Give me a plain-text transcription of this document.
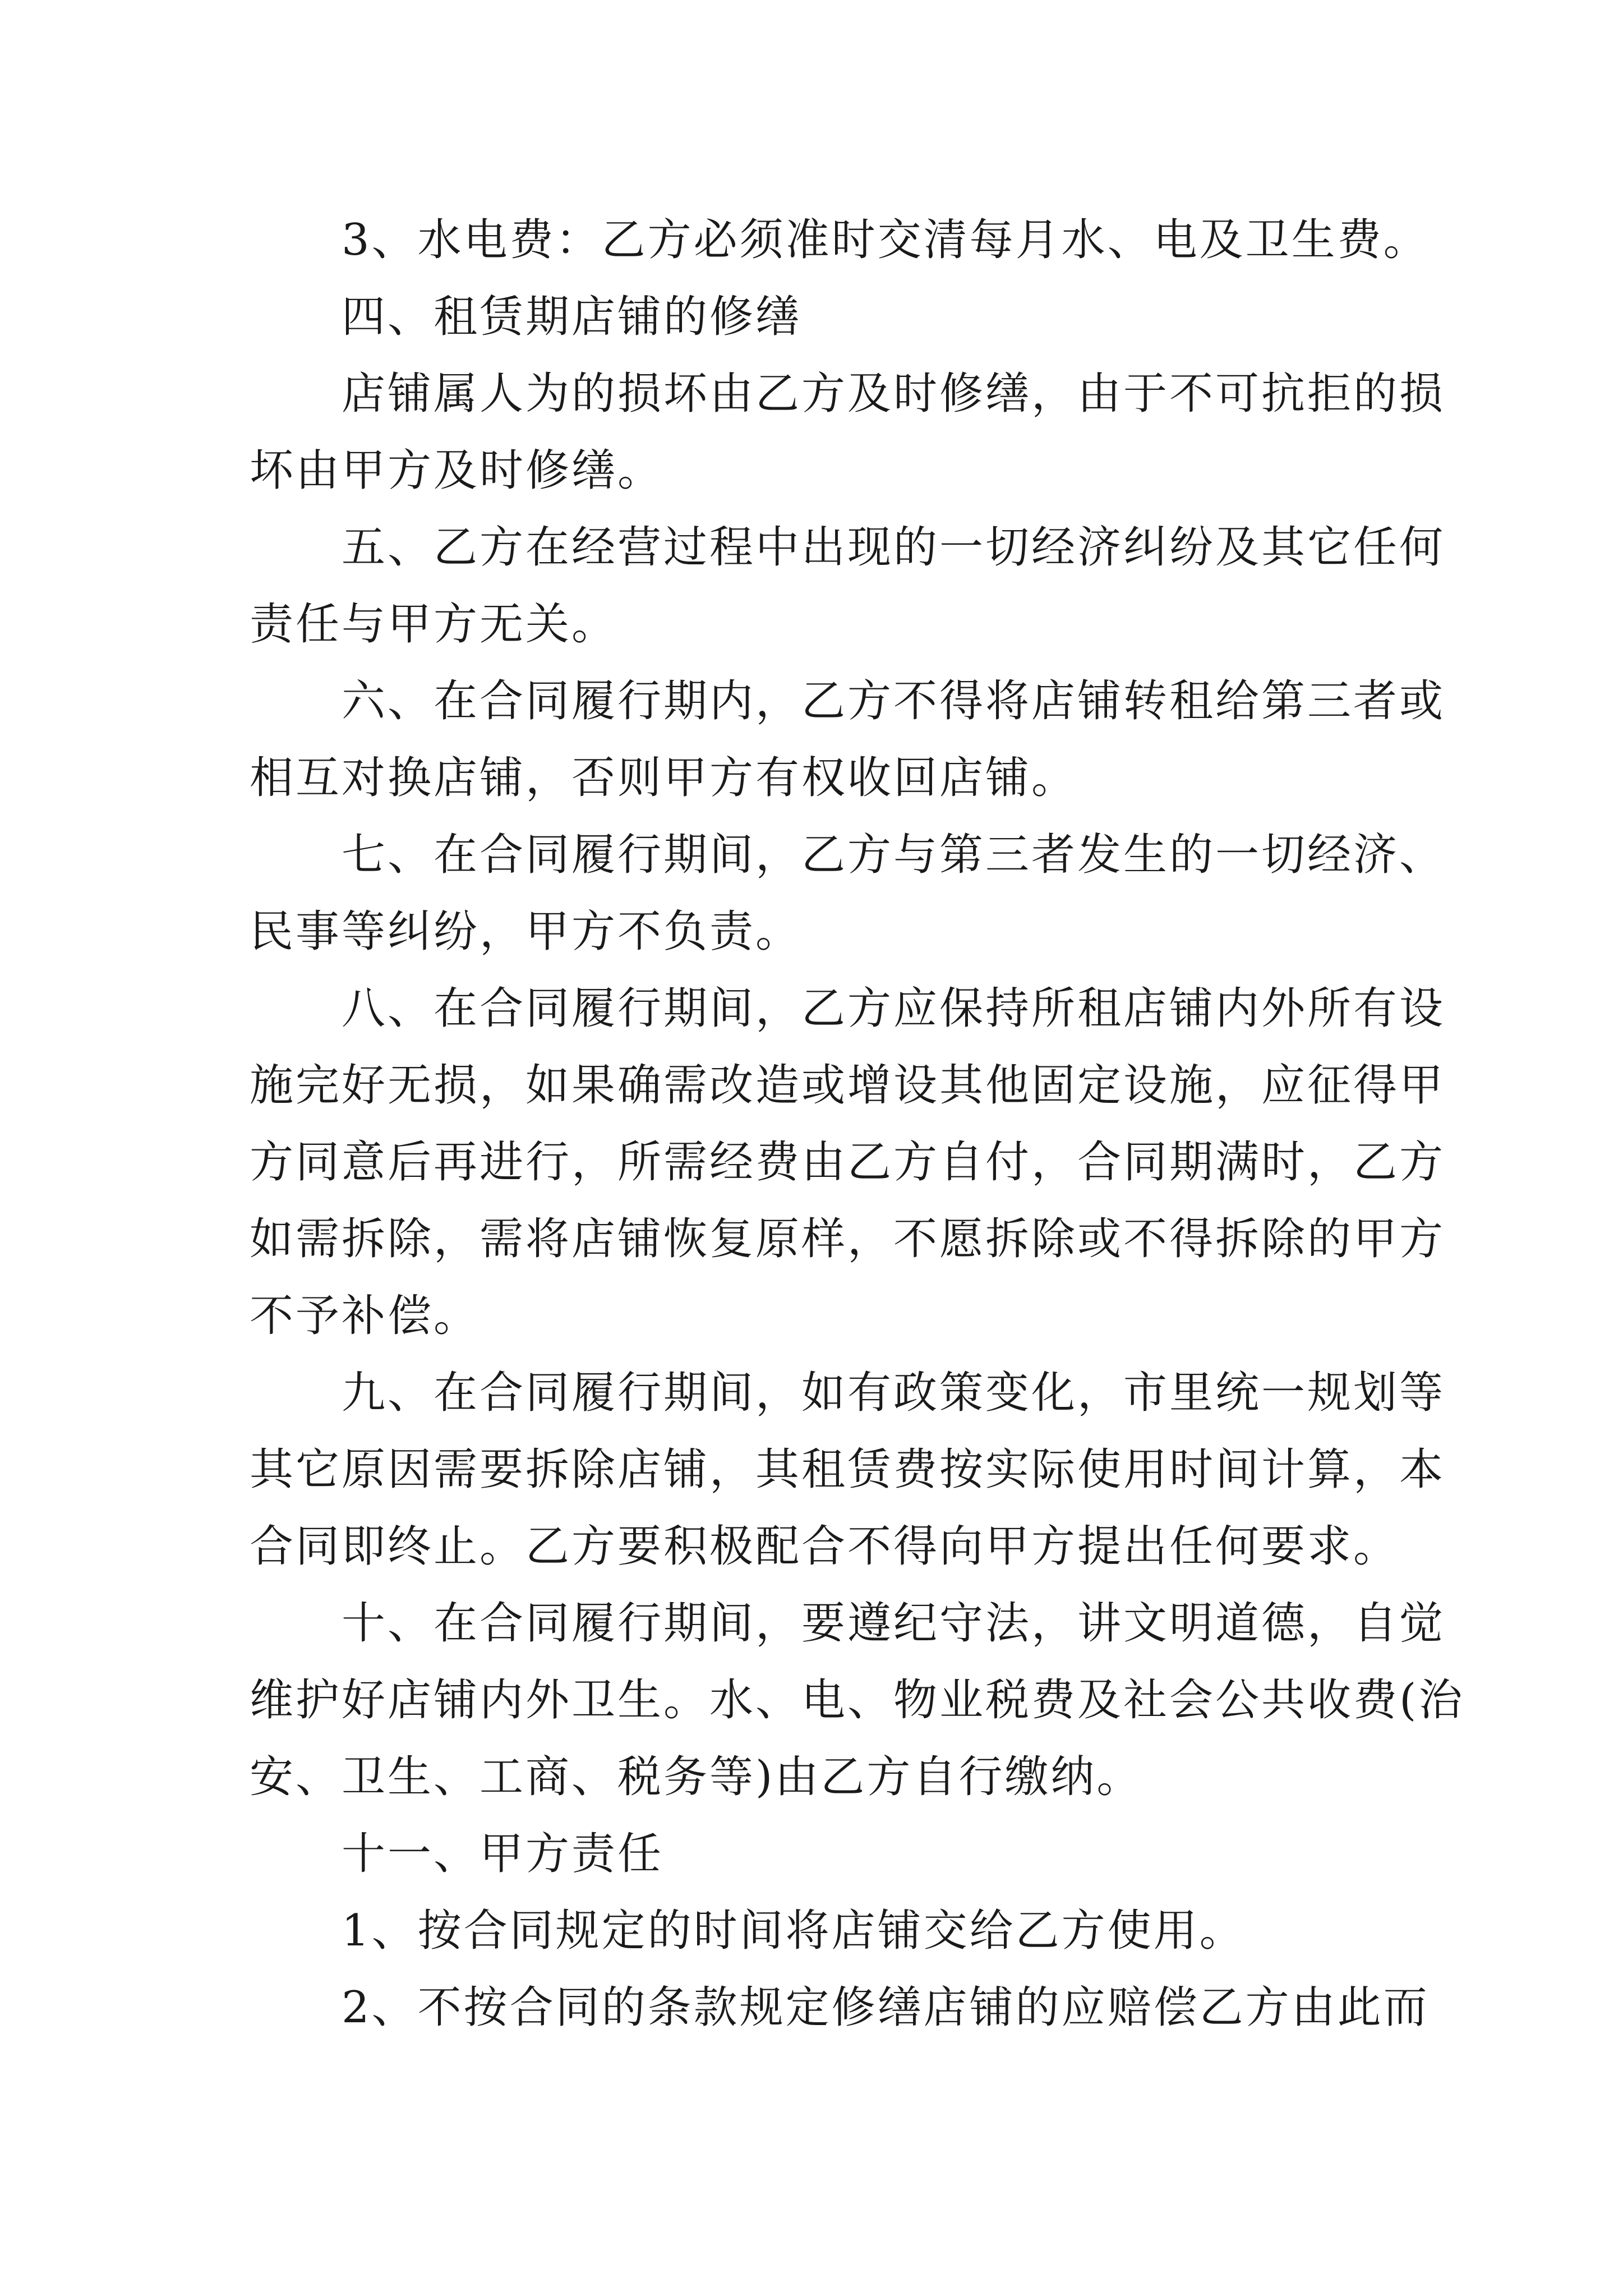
3、水电费：乙方必须准时交清每月水、电及卫生费。
四、租赁期店铺的修缮
店铺属人为的损坏由乙方及时修缮，由于不可抗拒的损
坏由甲方及时修缮。
五、乙方在经营过程中出现的一切经济纠纷及其它任何
责任与甲方无关。
六、在合同履行期内，乙方不得将店铺转租给第三者或
相互对换店铺，否则甲方有权收回店铺。
七、在合同履行期间，乙方与第三者发生的一切经济、
民事等纠纷，甲方不负责。
八、在合同履行期间，乙方应保持所租店铺内外所有设
施完好无损，如果确需改造或增设其他固定设施，应征得甲
方同意后再进行，所需经费由乙方自付，合同期满时，乙方
如需拆除，需将店铺恢复原样，不愿拆除或不得拆除的甲方
不予补偿。
九、在合同履行期间，如有政策变化，市里统一规划等
其它原因需要拆除店铺，其租赁费按实际使用时间计算，本
合同即终止。乙方要积极配合不得向甲方提出任何要求。
十、在合同履行期间，要遵纪守法，讲文明道德，自觉
维护好店铺内外卫生。水、电、物业税费及社会公共收费(治
安、卫生、工商、税务等)由乙方自行缴纳。
十一、甲方责任
1、按合同规定的时间将店铺交给乙方使用。
2、不按合同的条款规定修缮店铺的应赔偿乙方由此而
